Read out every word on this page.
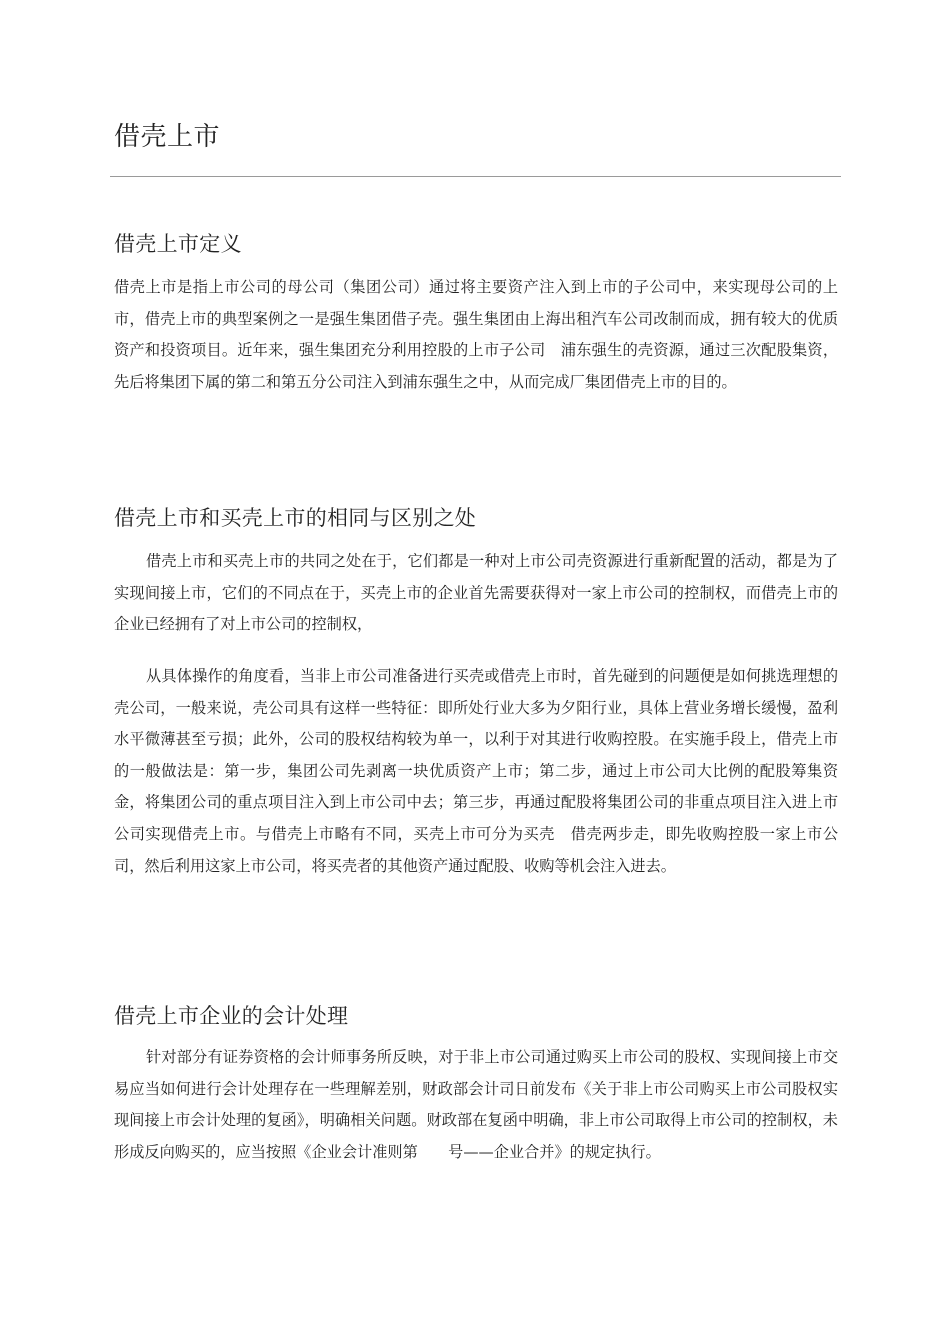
借壳上市
借壳上市定义

借壳上市是指上市公司的母公司（集团公司）通过将主要资产注入到上市的子公司中，来实现母公司的上市，借壳上市的典型案例之一是强生集团借子壳。强生集团由上海出租汽车公司改制而成，拥有较大的优质资产和投资项目。近年来，强生集团充分利用控股的上市子公司　浦东强生的壳资源，通过三次配股集资，先后将集团下属的第二和第五分公司注入到浦东强生之中，从而完成厂集团借壳上市的目的。

借壳上市和买壳上市的相同与区别之处

借壳上市和买壳上市的共同之处在于，它们都是一种对上市公司壳资源进行重新配置的活动，都是为了实现间接上市，它们的不同点在于，买壳上市的企业首先需要获得对一家上市公司的控制权，而借壳上市的企业已经拥有了对上市公司的控制权，

从具体操作的角度看，当非上市公司准备进行买壳或借壳上市时，首先碰到的问题便是如何挑选理想的壳公司，一般来说，壳公司具有这样一些特征：即所处行业大多为夕阳行业，具体上营业务增长缓慢，盈利水平微薄甚至亏损；此外，公司的股权结构较为单一，以利于对其进行收购控股。在实施手段上，借壳上市的一般做法是：第一步，集团公司先剥离一块优质资产上市；第二步，通过上市公司大比例的配股筹集资金，将集团公司的重点项目注入到上市公司中去；第三步，再通过配股将集团公司的非重点项目注入进上市公司实现借壳上市。与借壳上市略有不同，买壳上市可分为买壳　借壳两步走，即先收购控股一家上市公司，然后利用这家上市公司，将买壳者的其他资产通过配股、收购等机会注入进去。

借壳上市企业的会计处理

针对部分有证券资格的会计师事务所反映，对于非上市公司通过购买上市公司的股权、实现间接上市交易应当如何进行会计处理存在一些理解差别，财政部会计司日前发布《关于非上市公司购买上市公司股权实现间接上市会计处理的复函》，明确相关问题。财政部在复函中明确，非上市公司取得上市公司的控制权，未形成反向购买的，应当按照《企业会计准则第　　号——企业合并》的规定执行。
